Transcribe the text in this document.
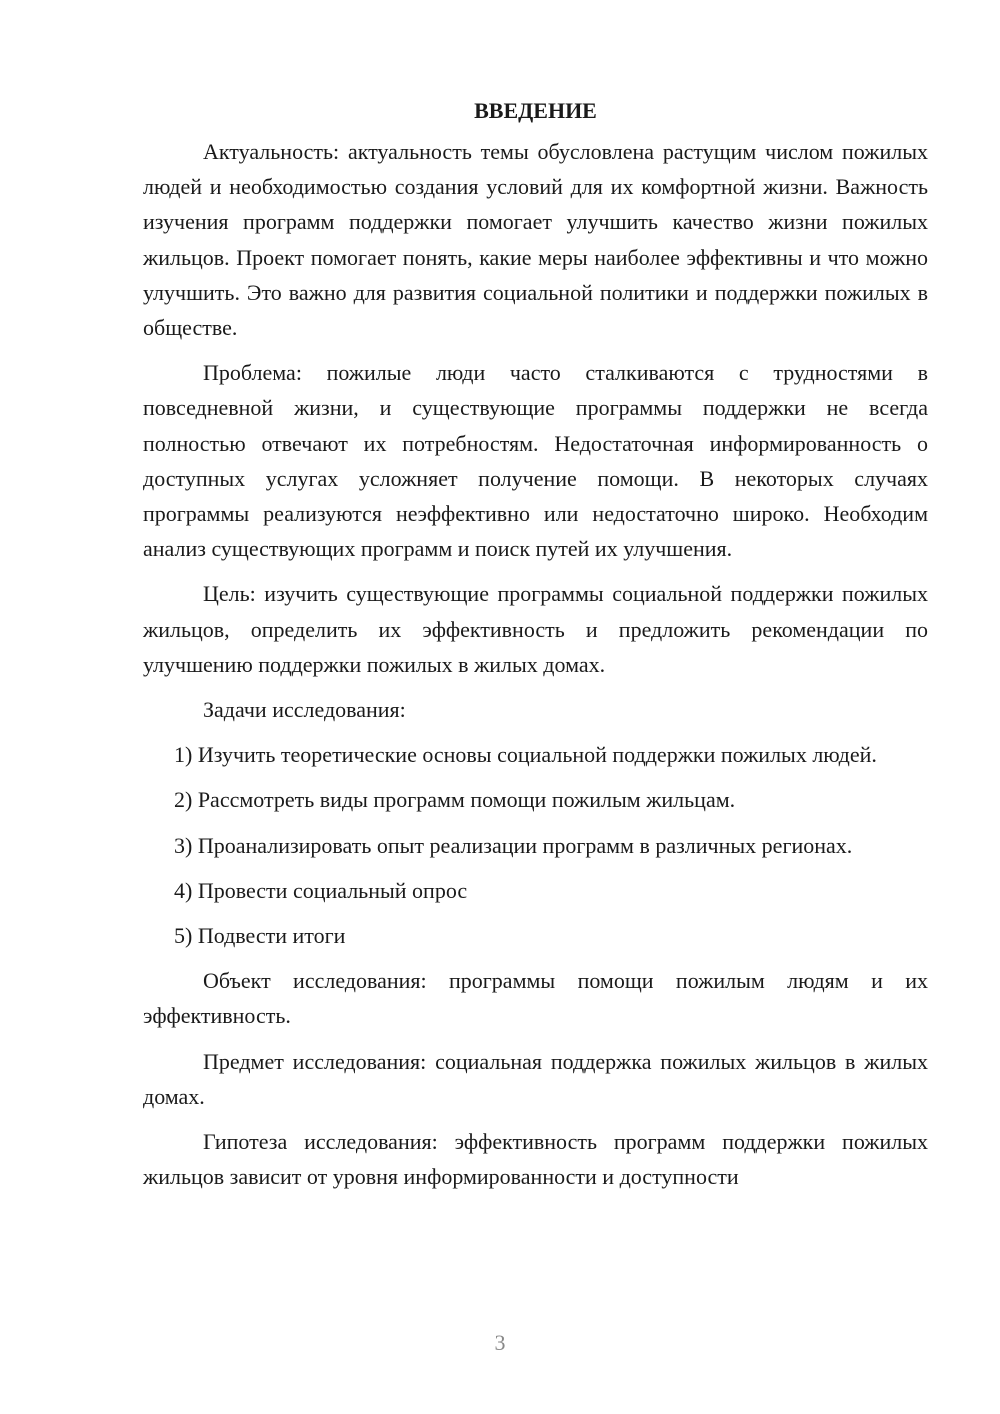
ВВЕДЕНИЕ

Актуальность: актуальность темы обусловлена растущим числом пожилых людей и необходимостью создания условий для их комфортной жизни. Важность изучения программ поддержки помогает улучшить качество жизни пожилых жильцов. Проект помогает понять, какие меры наиболее эффективны и что можно улучшить. Это важно для развития социальной политики и поддержки пожилых в обществе.

Проблема: пожилые люди часто сталкиваются с трудностями в повседневной жизни, и существующие программы поддержки не всегда полностью отвечают их потребностям. Недостаточная информированность о доступных услугах усложняет получение помощи. В некоторых случаях программы реализуются неэффективно или недостаточно широко. Необходим анализ существующих программ и поиск путей их улучшения.

Цель: изучить существующие программы социальной поддержки пожилых жильцов, определить их эффективность и предложить рекомендации по улучшению поддержки пожилых в жилых домах.

Задачи исследования:

1) Изучить теоретические основы социальной поддержки пожилых людей.

2) Рассмотреть виды программ помощи пожилым жильцам.

3) Проанализировать опыт реализации программ в различных регионах.

4) Провести социальный опрос

5) Подвести итоги

Объект исследования: программы помощи пожилым людям и их эффективность.

Предмет исследования: социальная поддержка пожилых жильцов в жилых домах.

Гипотеза исследования: эффективность программ поддержки пожилых жильцов зависит от уровня информированности и доступности

3
